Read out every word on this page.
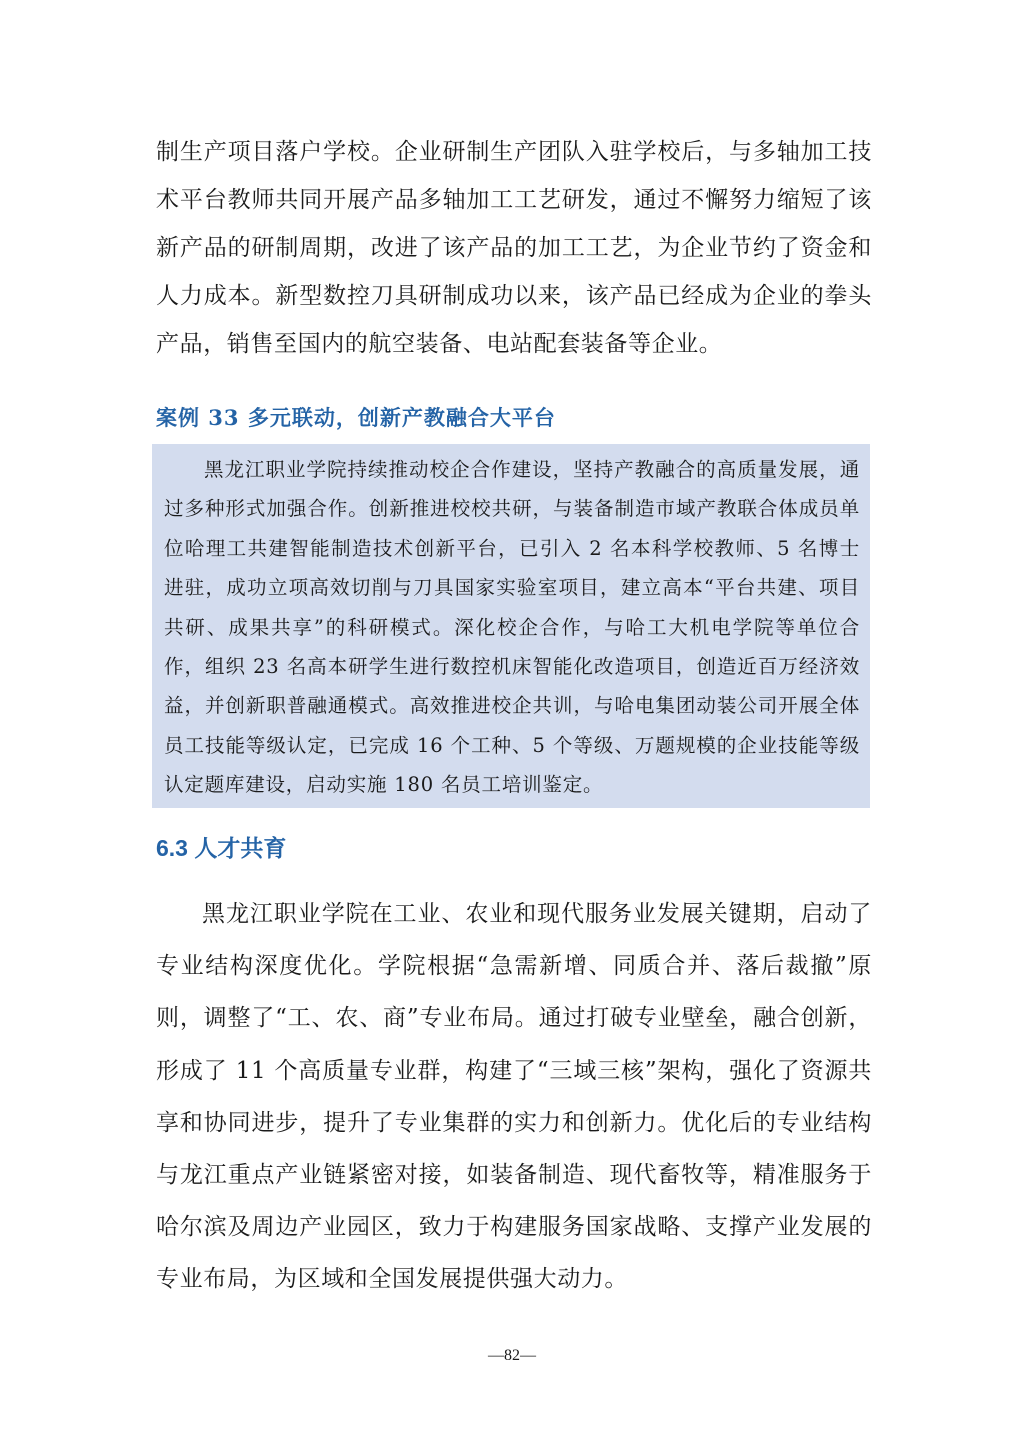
制生产项目落户学校。企业研制生产团队入驻学校后，与多轴加工技术平台教师共同开展产品多轴加工工艺研发，通过不懈努力缩短了该新产品的研制周期，改进了该产品的加工工艺，为企业节约了资金和人力成本。新型数控刀具研制成功以来，该产品已经成为企业的拳头产品，销售至国内的航空装备、电站配套装备等企业。

案例 33 多元联动，创新产教融合大平台

黑龙江职业学院持续推动校企合作建设，坚持产教融合的高质量发展，通过多种形式加强合作。创新推进校校共研，与装备制造市域产教联合体成员单位哈理工共建智能制造技术创新平台，已引入 2 名本科学校教师、5 名博士进驻，成功立项高效切削与刀具国家实验室项目，建立高本“平台共建、项目共研、成果共享”的科研模式。深化校企合作，与哈工大机电学院等单位合作，组织 23 名高本研学生进行数控机床智能化改造项目，创造近百万经济效益，并创新职普融通模式。高效推进校企共训，与哈电集团动装公司开展全体员工技能等级认定，已完成 16 个工种、5 个等级、万题规模的企业技能等级认定题库建设，启动实施 180 名员工培训鉴定。

6.3 人才共育

黑龙江职业学院在工业、农业和现代服务业发展关键期，启动了专业结构深度优化。学院根据“急需新增、同质合并、落后裁撤”原则，调整了“工、农、商”专业布局。通过打破专业壁垒，融合创新，形成了 11 个高质量专业群，构建了“三域三核”架构，强化了资源共享和协同进步，提升了专业集群的实力和创新力。优化后的专业结构与龙江重点产业链紧密对接，如装备制造、现代畜牧等，精准服务于哈尔滨及周边产业园区，致力于构建服务国家战略、支撑产业发展的专业布局，为区域和全国发展提供强大动力。

—82—
